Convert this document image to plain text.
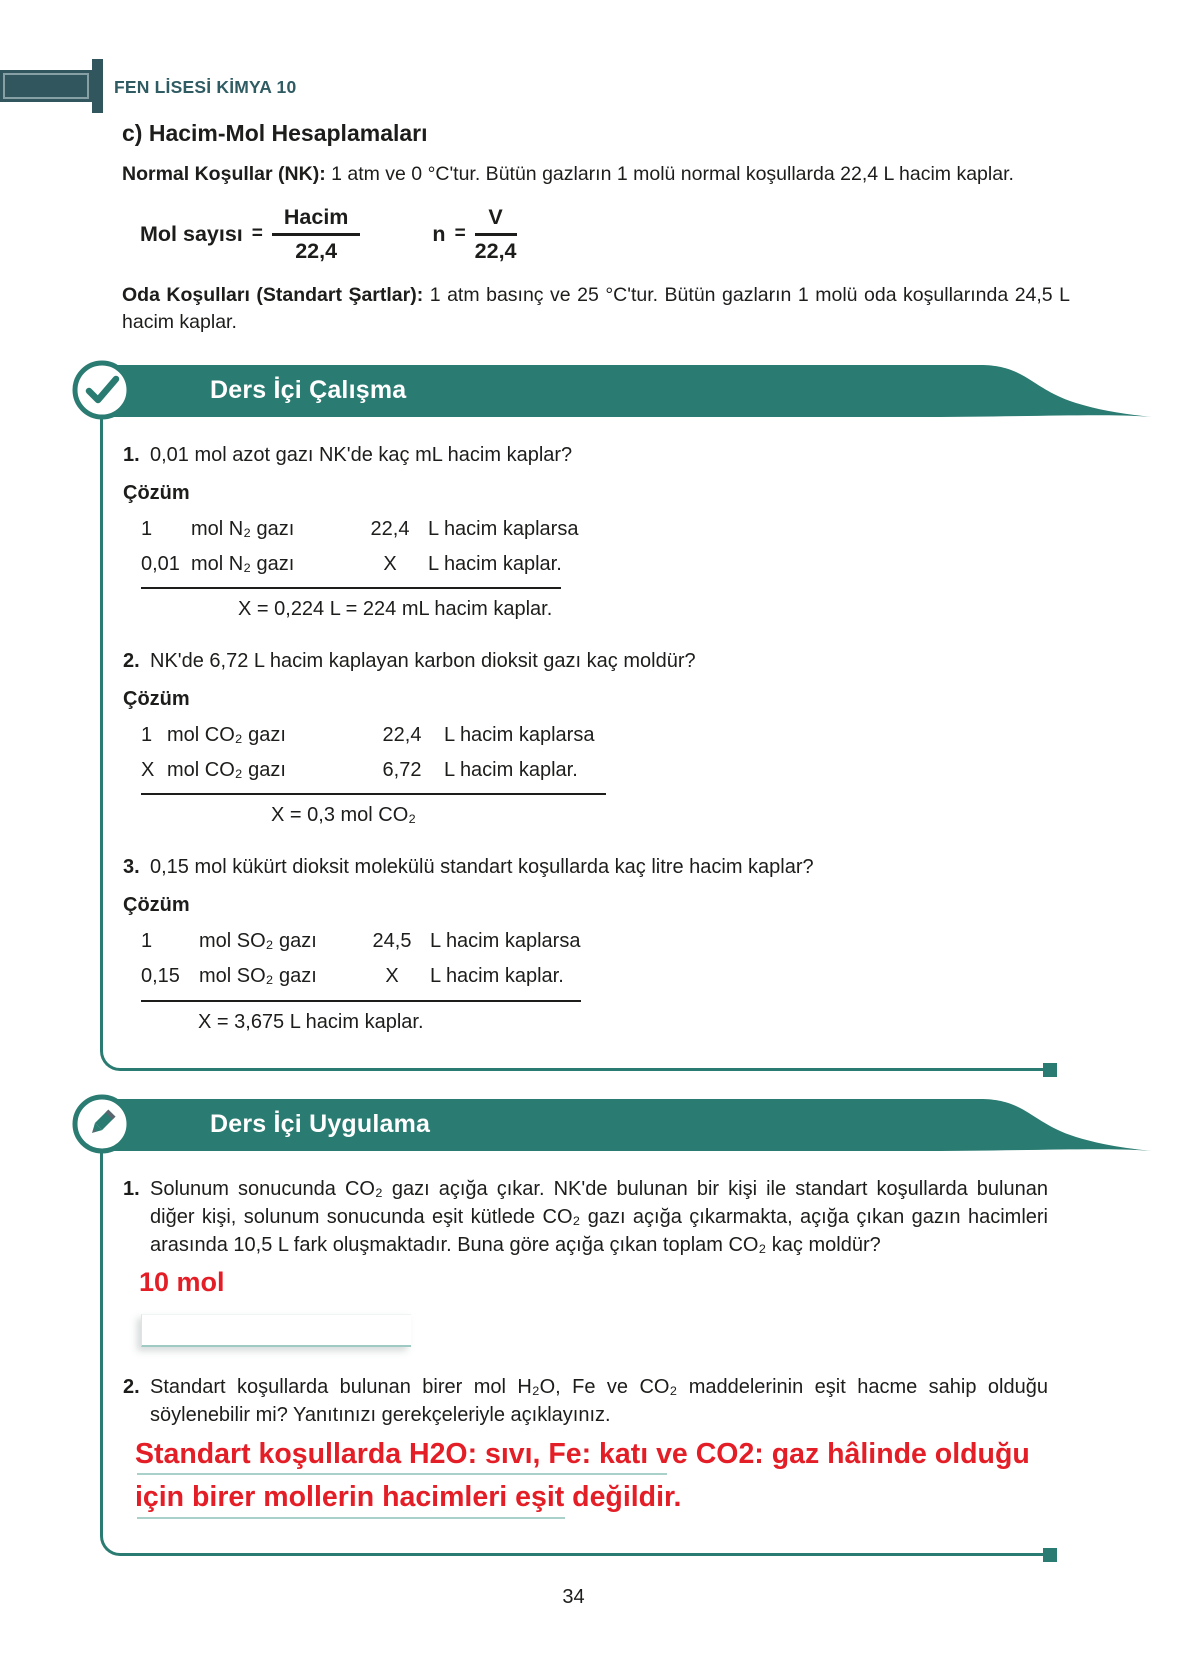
FEN LİSESİ KİMYA 10
c) Hacim-Mol Hesaplamaları

Normal Koşullar (NK): 1 atm ve 0 °C'tur. Bütün gazların 1 molü normal koşullarda 22,4 L hacim kaplar.

Mol sayısı = $\frac{\text{Hacim}}{22,4}$	$n = \frac{V}{22,4}$

Oda Koşulları (Standart Şartlar): 1 atm basınç ve 25 °C'tur. Bütün gazların 1 molü oda koşullarında 24,5 L hacim kaplar.

Ders İçi Çalışma
1. 0,01 mol azot gazı NK'de kaç mL hacim kaplar?
Çözüm
1	mol N₂ gazı	22,4 L hacim kaplarsa
0,01 mol N₂ gazı	X	L hacim kaplar.
X = 0,224 L = 224 mL hacim kaplar.
2. NK'de 6,72 L hacim kaplayan karbon dioksit gazı kaç moldür?
Çözüm
1 mol CO₂ gazı	22,4	L hacim kaplarsa
X mol CO₂ gazı	6,72	L hacim kaplar.
X = 0,3 mol CO₂
3. 0,15 mol kükürt dioksit molekülü standart koşullarda kaç litre hacim kaplar?
Çözüm
1	mol SO₂ gazı	24,5 L hacim kaplarsa
0,15 mol SO₂ gazı	X	L hacim kaplar.
X = 3,675 L hacim kaplar.
Ders İçi Uygulama
1. Solunum sonucunda CO₂ gazı açığa çıkar. NK'de bulunan bir kişi ile standart koşullarda bulunan diğer kişi, solunum sonucunda eşit kütlede CO₂ gazı açığa çıkarmakta, açığa çıkan gazın hacimleri arasında 10,5 L fark oluşmaktadır. Buna göre açığa çıkan toplam CO₂ kaç moldür?
10 mol
2. Standart koşullarda bulunan birer mol H₂O, Fe ve CO₂ maddelerinin eşit hacme sahip olduğu söylenebilir mi? Yanıtınızı gerekçeleriyle açıklayınız.
Standart koşullarda H2O: sıvı, Fe: katı ve CO2: gaz hâlinde olduğu için birer mollerin hacimleri eşit değildir.
34
